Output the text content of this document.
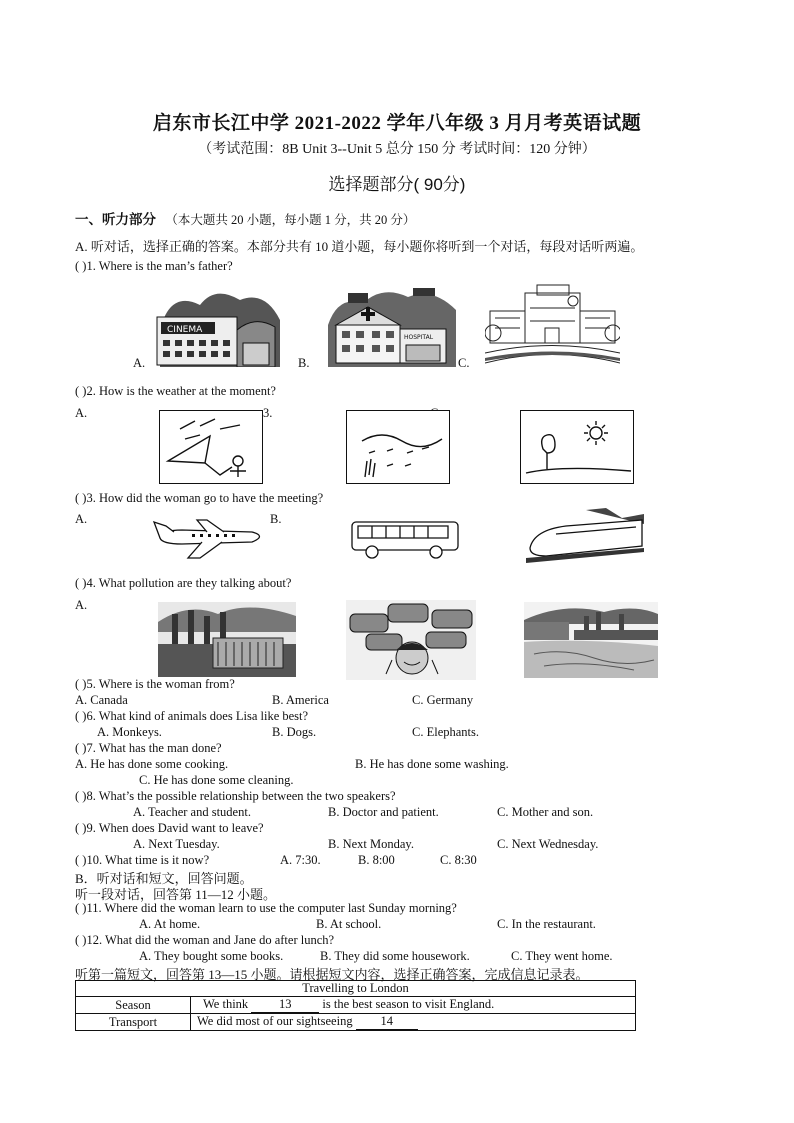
启东市长江中学 2021-2022 学年八年级 3 月月考英语试题
（考试范围：8B Unit 3--Unit 5 总分 150 分 考试时间：120 分钟）
选择题部分( 90分)
一、听力部分 （本大题共 20 小题，每小题 1 分，共 20 分）
A. 听对话，选择正确的答案。本部分共有 10 道小题，每小题你将听到一个对话，每段对话听两遍。
( )1. Where is the man’s father?
A.	B.	C.
CINEMA
HOSPITAL
( )2. How is the weather at the moment?
A.	3.	C.
( )3. How did the woman go to have the meeting?
A.	B.
( )4. What pollution are they talking about?
A.
( )5. Where is the woman from?
A. Canada	B. America	C. Germany
( )6. What kind of animals does Lisa like best?
A. Monkeys.	B. Dogs.	C. Elephants.
( )7. What has the man done?
A. He has done some cooking.	B. He has done some washing.
C. He has done some cleaning.
( )8. What’s the possible relationship between the two speakers?
A. Teacher and student.	B. Doctor and patient.	C. Mother and son.
( )9. When does David want to leave?
A. Next Tuesday.	B. Next Monday.	C. Next Wednesday.
( )10. What time is it now?	A. 7:30.	B. 8:00	C. 8:30
B．听对话和短文，回答问题。
听一段对话，回答第 11—12 小题。
( )11. Where did the woman learn to use the computer last Sunday morning?
A. At home.	B. At school.	C. In the restaurant.
( )12. What did the woman and Jane do after lunch?
A. They bought some books.	B. They did some housework.	C. They went home.
听第一篇短文，回答第 13—15 小题。请根据短文内容，选择正确答案，完成信息记录表。
Travelling to London	
Season	We think 13 is the best season to visit England.
Transport	We did most of our sightseeing 14
